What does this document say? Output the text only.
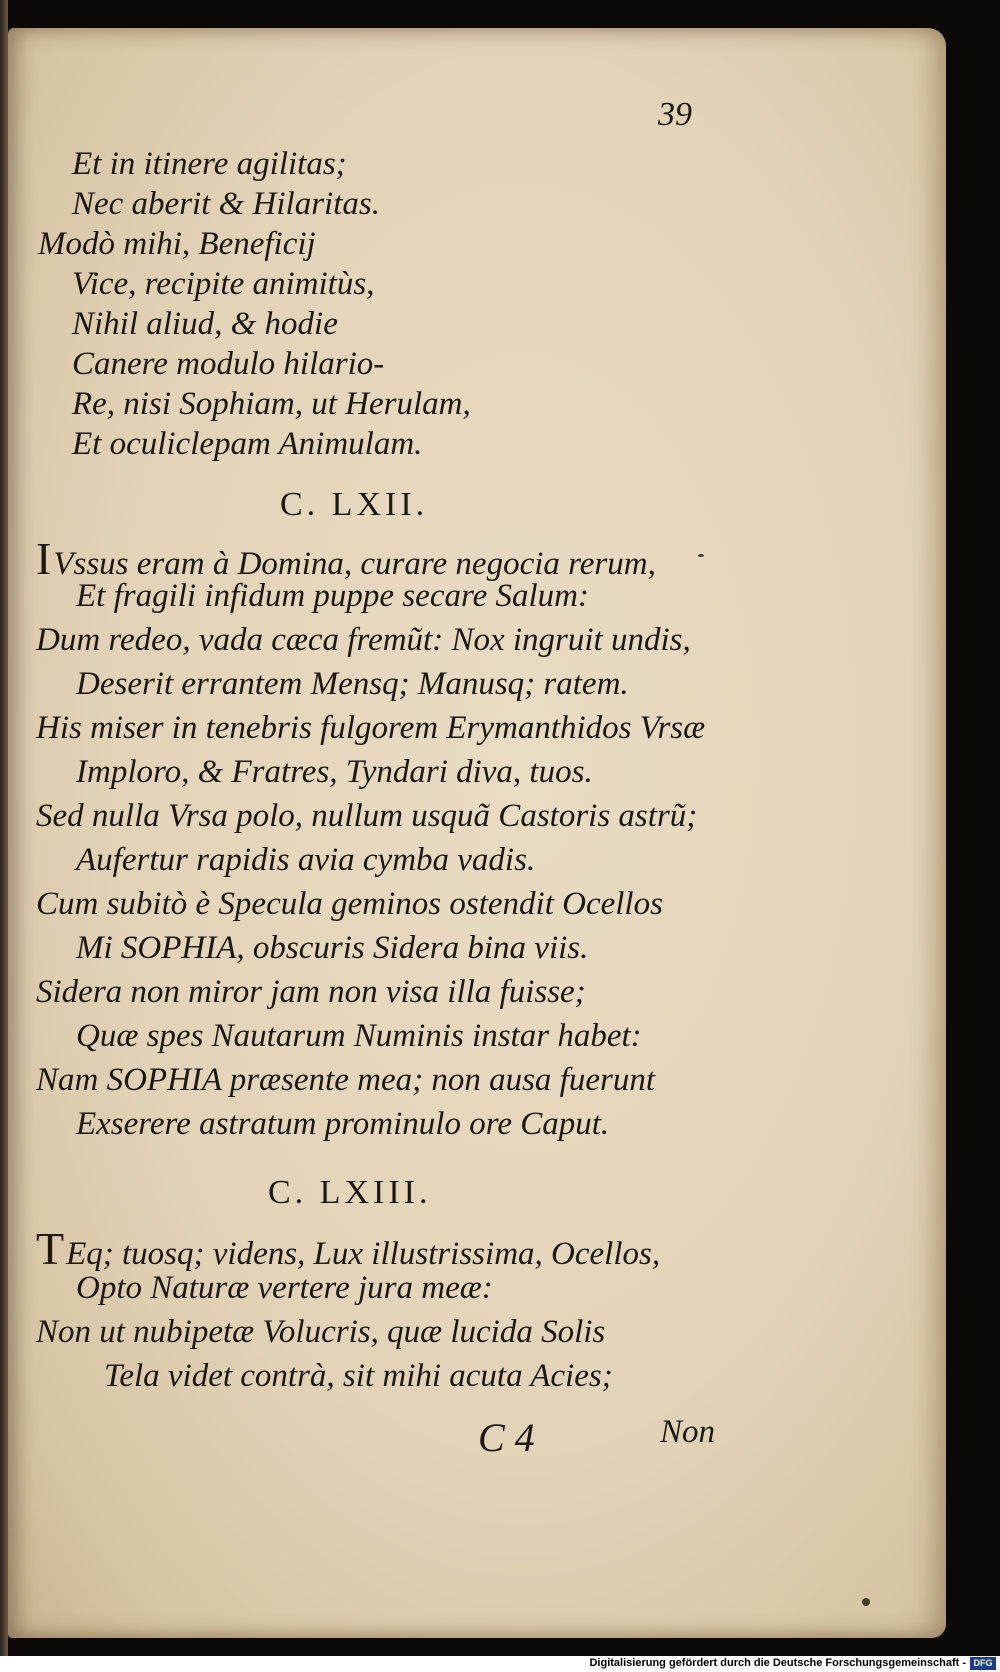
39
Et in itinere agilitas;
Nec aberit & Hilaritas.
Modò mihi, Beneficij
Vice, recipite animitùs,
Nihil aliud, & hodie
Canere modulo hilario-
Re, nisi Sophiam, ut Herulam,
Et oculiclepam Animulam.
C. LXII.
IVssus eram à Domina, curare negocia rerum,
Et fragili infidum puppe secare Salum:
Dum redeo, vada cæca fremũt: Nox ingruit undis,
Deserit errantem Mensq; Manusq; ratem.
His miser in tenebris fulgorem Erymanthidos Vrsæ
Imploro, & Fratres, Tyndari diva, tuos.
Sed nulla Vrsa polo, nullum usquã Castoris astrũ;
Aufertur rapidis avia cymba vadis.
Cum subitò è Specula geminos ostendit Ocellos
Mi SOPHIA, obscuris Sidera bina viis.
Sidera non miror jam non visa illa fuisse;
Quæ spes Nautarum Numinis instar habet:
Nam SOPHIA præsente mea; non ausa fuerunt
Exserere astratum prominulo ore Caput.
C. LXIII.
TEq; tuosq; videns, Lux illustrissima, Ocellos,
Opto Naturæ vertere jura meæ:
Non ut nubipetæ Volucris, quæ lucida Solis
Tela videt contrà, sit mihi acuta Acies;
C 4	Non
Digitalisierung gefördert durch die Deutsche Forschungsgemeinschaft - DFG
